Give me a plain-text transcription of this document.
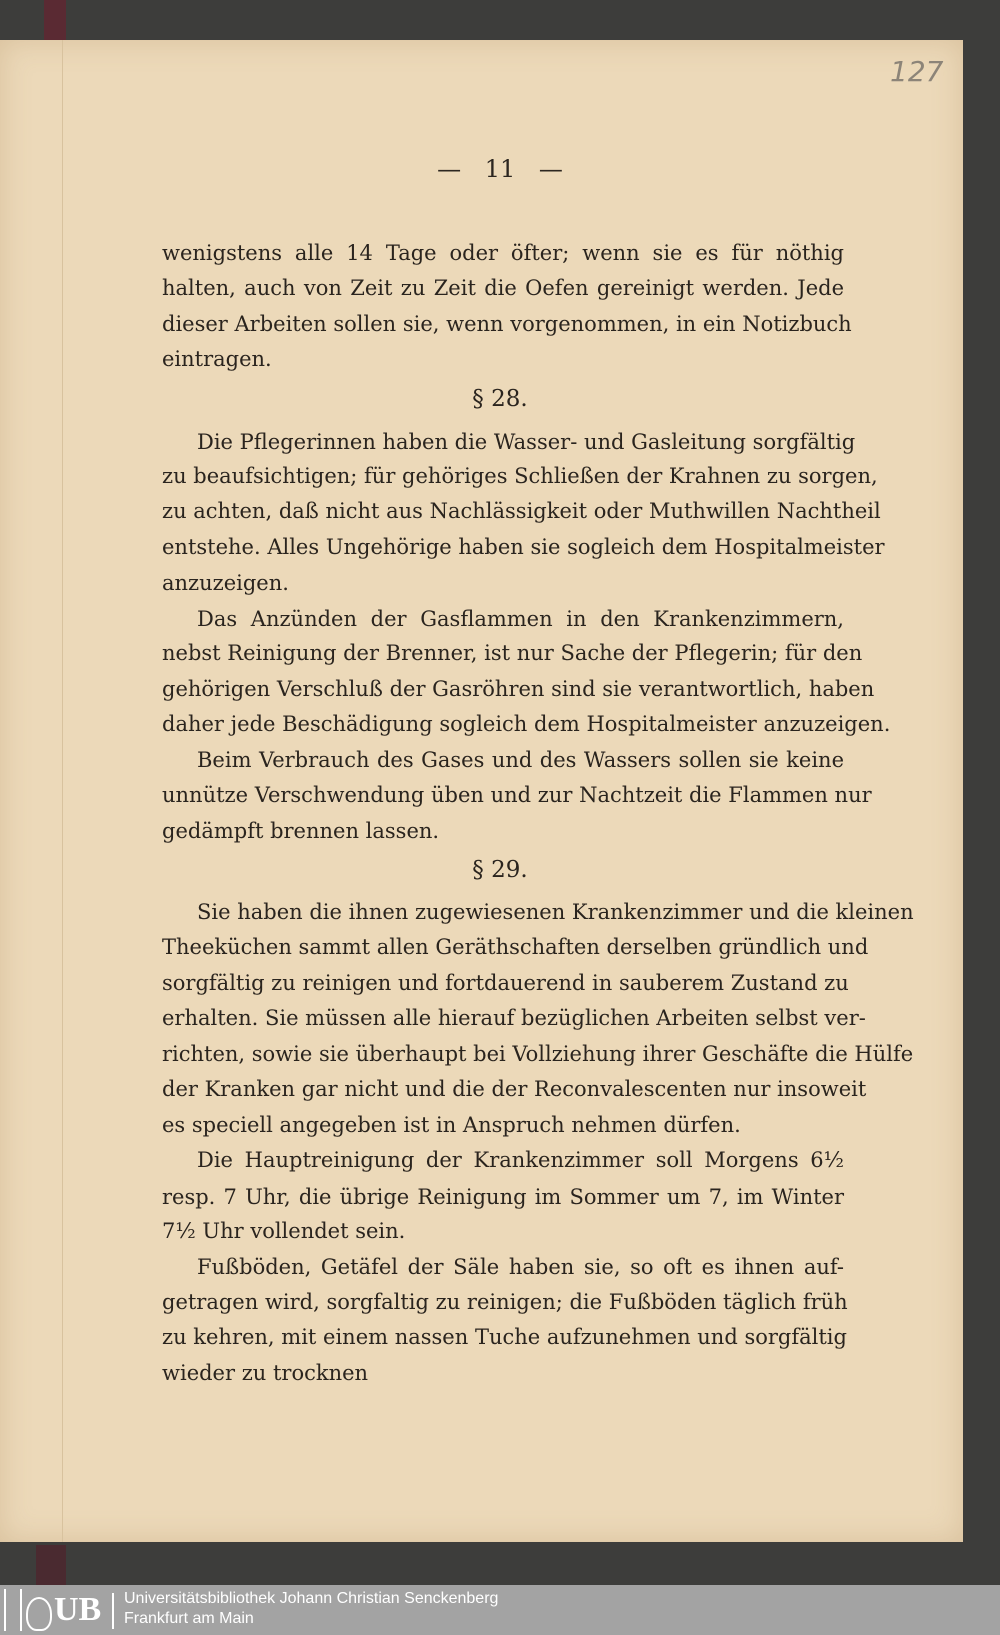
127
— 11 —
wenigstens alle 14 Tage oder öfter; wenn sie es für nöthig
halten, auch von Zeit zu Zeit die Oefen gereinigt werden. Jede
dieser Arbeiten sollen sie, wenn vorgenommen, in ein Notizbuch
eintragen.
§ 28.
Die Pflegerinnen haben die Wasser- und Gasleitung sorgfältig
zu beaufsichtigen; für gehöriges Schließen der Krahnen zu sorgen,
zu achten, daß nicht aus Nachlässigkeit oder Muthwillen Nachtheil
entstehe. Alles Ungehörige haben sie sogleich dem Hospitalmeister
anzuzeigen.
Das Anzünden der Gasflammen in den Krankenzimmern,
nebst Reinigung der Brenner, ist nur Sache der Pflegerin; für den
gehörigen Verschluß der Gasröhren sind sie verantwortlich, haben
daher jede Beschädigung sogleich dem Hospitalmeister anzuzeigen.
Beim Verbrauch des Gases und des Wassers sollen sie keine
unnütze Verschwendung üben und zur Nachtzeit die Flammen nur
gedämpft brennen lassen.
§ 29.
Sie haben die ihnen zugewiesenen Krankenzimmer und die kleinen
Theeküchen sammt allen Geräthschaften derselben gründlich und
sorgfältig zu reinigen und fortdauerend in sauberem Zustand zu
erhalten. Sie müssen alle hierauf bezüglichen Arbeiten selbst ver-
richten, sowie sie überhaupt bei Vollziehung ihrer Geschäfte die Hülfe
der Kranken gar nicht und die der Reconvalescenten nur insoweit
es speciell angegeben ist in Anspruch nehmen dürfen.
Die Hauptreinigung der Krankenzimmer soll Morgens 6½
resp. 7 Uhr, die übrige Reinigung im Sommer um 7, im Winter
7½ Uhr vollendet sein.
Fußböden, Getäfel der Säle haben sie, so oft es ihnen auf-
getragen wird, sorgfaltig zu reinigen; die Fußböden täglich früh
zu kehren, mit einem nassen Tuche aufzunehmen und sorgfältig
wieder zu trocknen
UB Universitätsbibliothek Johann Christian Senckenberg
Frankfurt am Main
